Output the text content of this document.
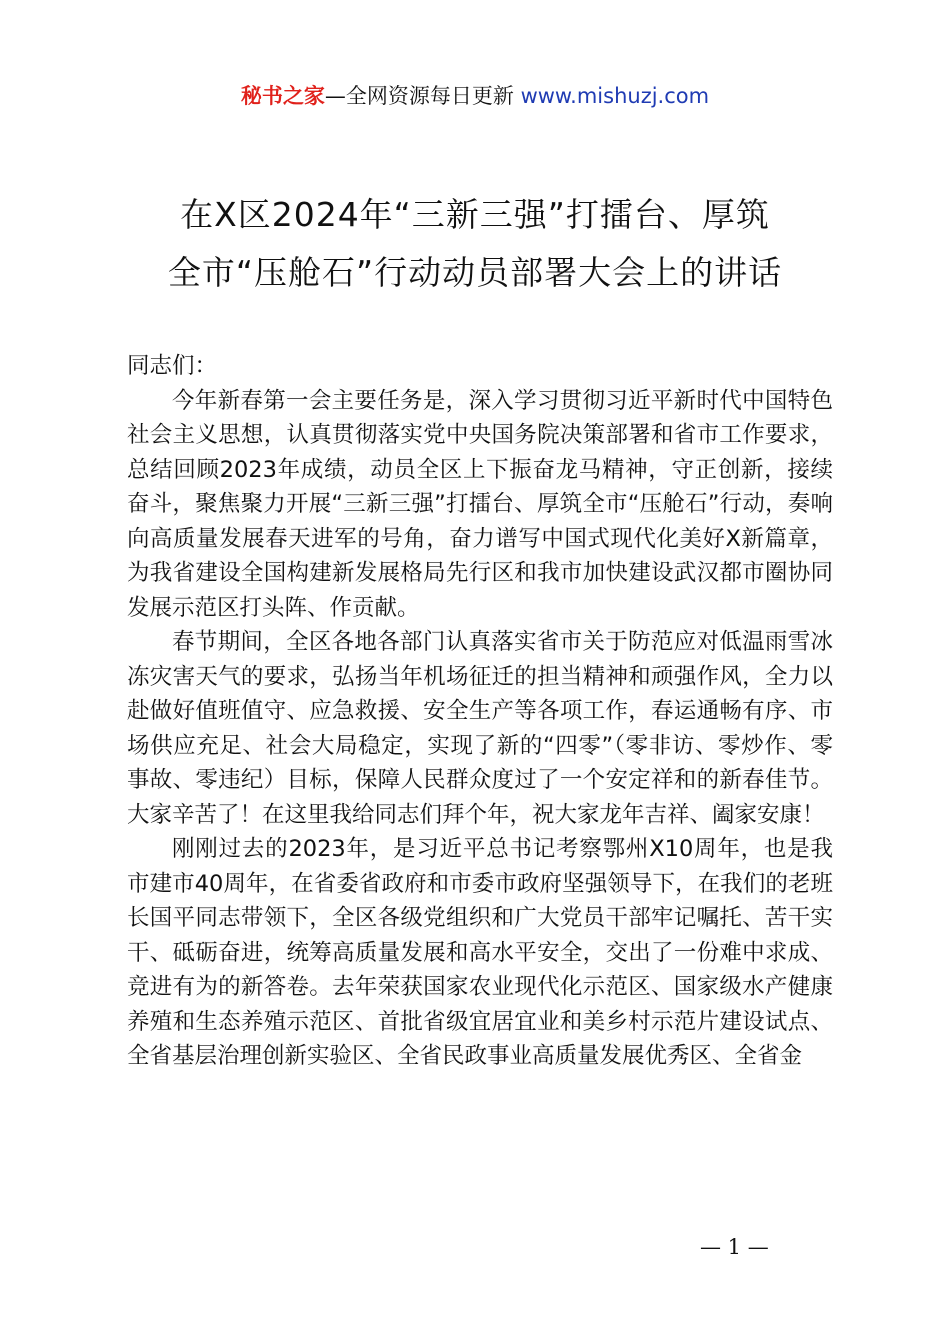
秘书之家—全网资源每日更新 www.mishuzj.com
在X区2024年“三新三强”打擂台、厚筑
全市“压舱石”行动动员部署大会上的讲话

同志们：

今年新春第一会主要任务是，深入学习贯彻习近平新时代中国特色社会主义思想，认真贯彻落实党中央国务院决策部署和省市工作要求，总结回顾2023年成绩，动员全区上下振奋龙马精神，守正创新，接续奋斗，聚焦聚力开展“三新三强”打擂台、厚筑全市“压舱石”行动，奏响向高质量发展春天进军的号角，奋力谱写中国式现代化美好X新篇章，为我省建设全国构建新发展格局先行区和我市加快建设武汉都市圈协同发展示范区打头阵、作贡献。

春节期间，全区各地各部门认真落实省市关于防范应对低温雨雪冰冻灾害天气的要求，弘扬当年机场征迁的担当精神和顽强作风，全力以赴做好值班值守、应急救援、安全生产等各项工作，春运通畅有序、市场供应充足、社会大局稳定，实现了新的“四零”（零非访、零炒作、零事故、零违纪）目标，保障人民群众度过了一个安定祥和的新春佳节。大家辛苦了！在这里我给同志们拜个年，祝大家龙年吉祥、阖家安康！

刚刚过去的2023年，是习近平总书记考察鄂州X10周年，也是我市建市40周年，在省委省政府和市委市政府坚强领导下，在我们的老班长国平同志带领下，全区各级党组织和广大党员干部牢记嘱托、苦干实干、砥砺奋进，统筹高质量发展和高水平安全，交出了一份难中求成、竞进有为的新答卷。去年荣获国家农业现代化示范区、国家级水产健康养殖和生态养殖示范区、首批省级宜居宜业和美乡村示范片建设试点、全省基层治理创新实验区、全省民政事业高质量发展优秀区、全省金

— 1 —
